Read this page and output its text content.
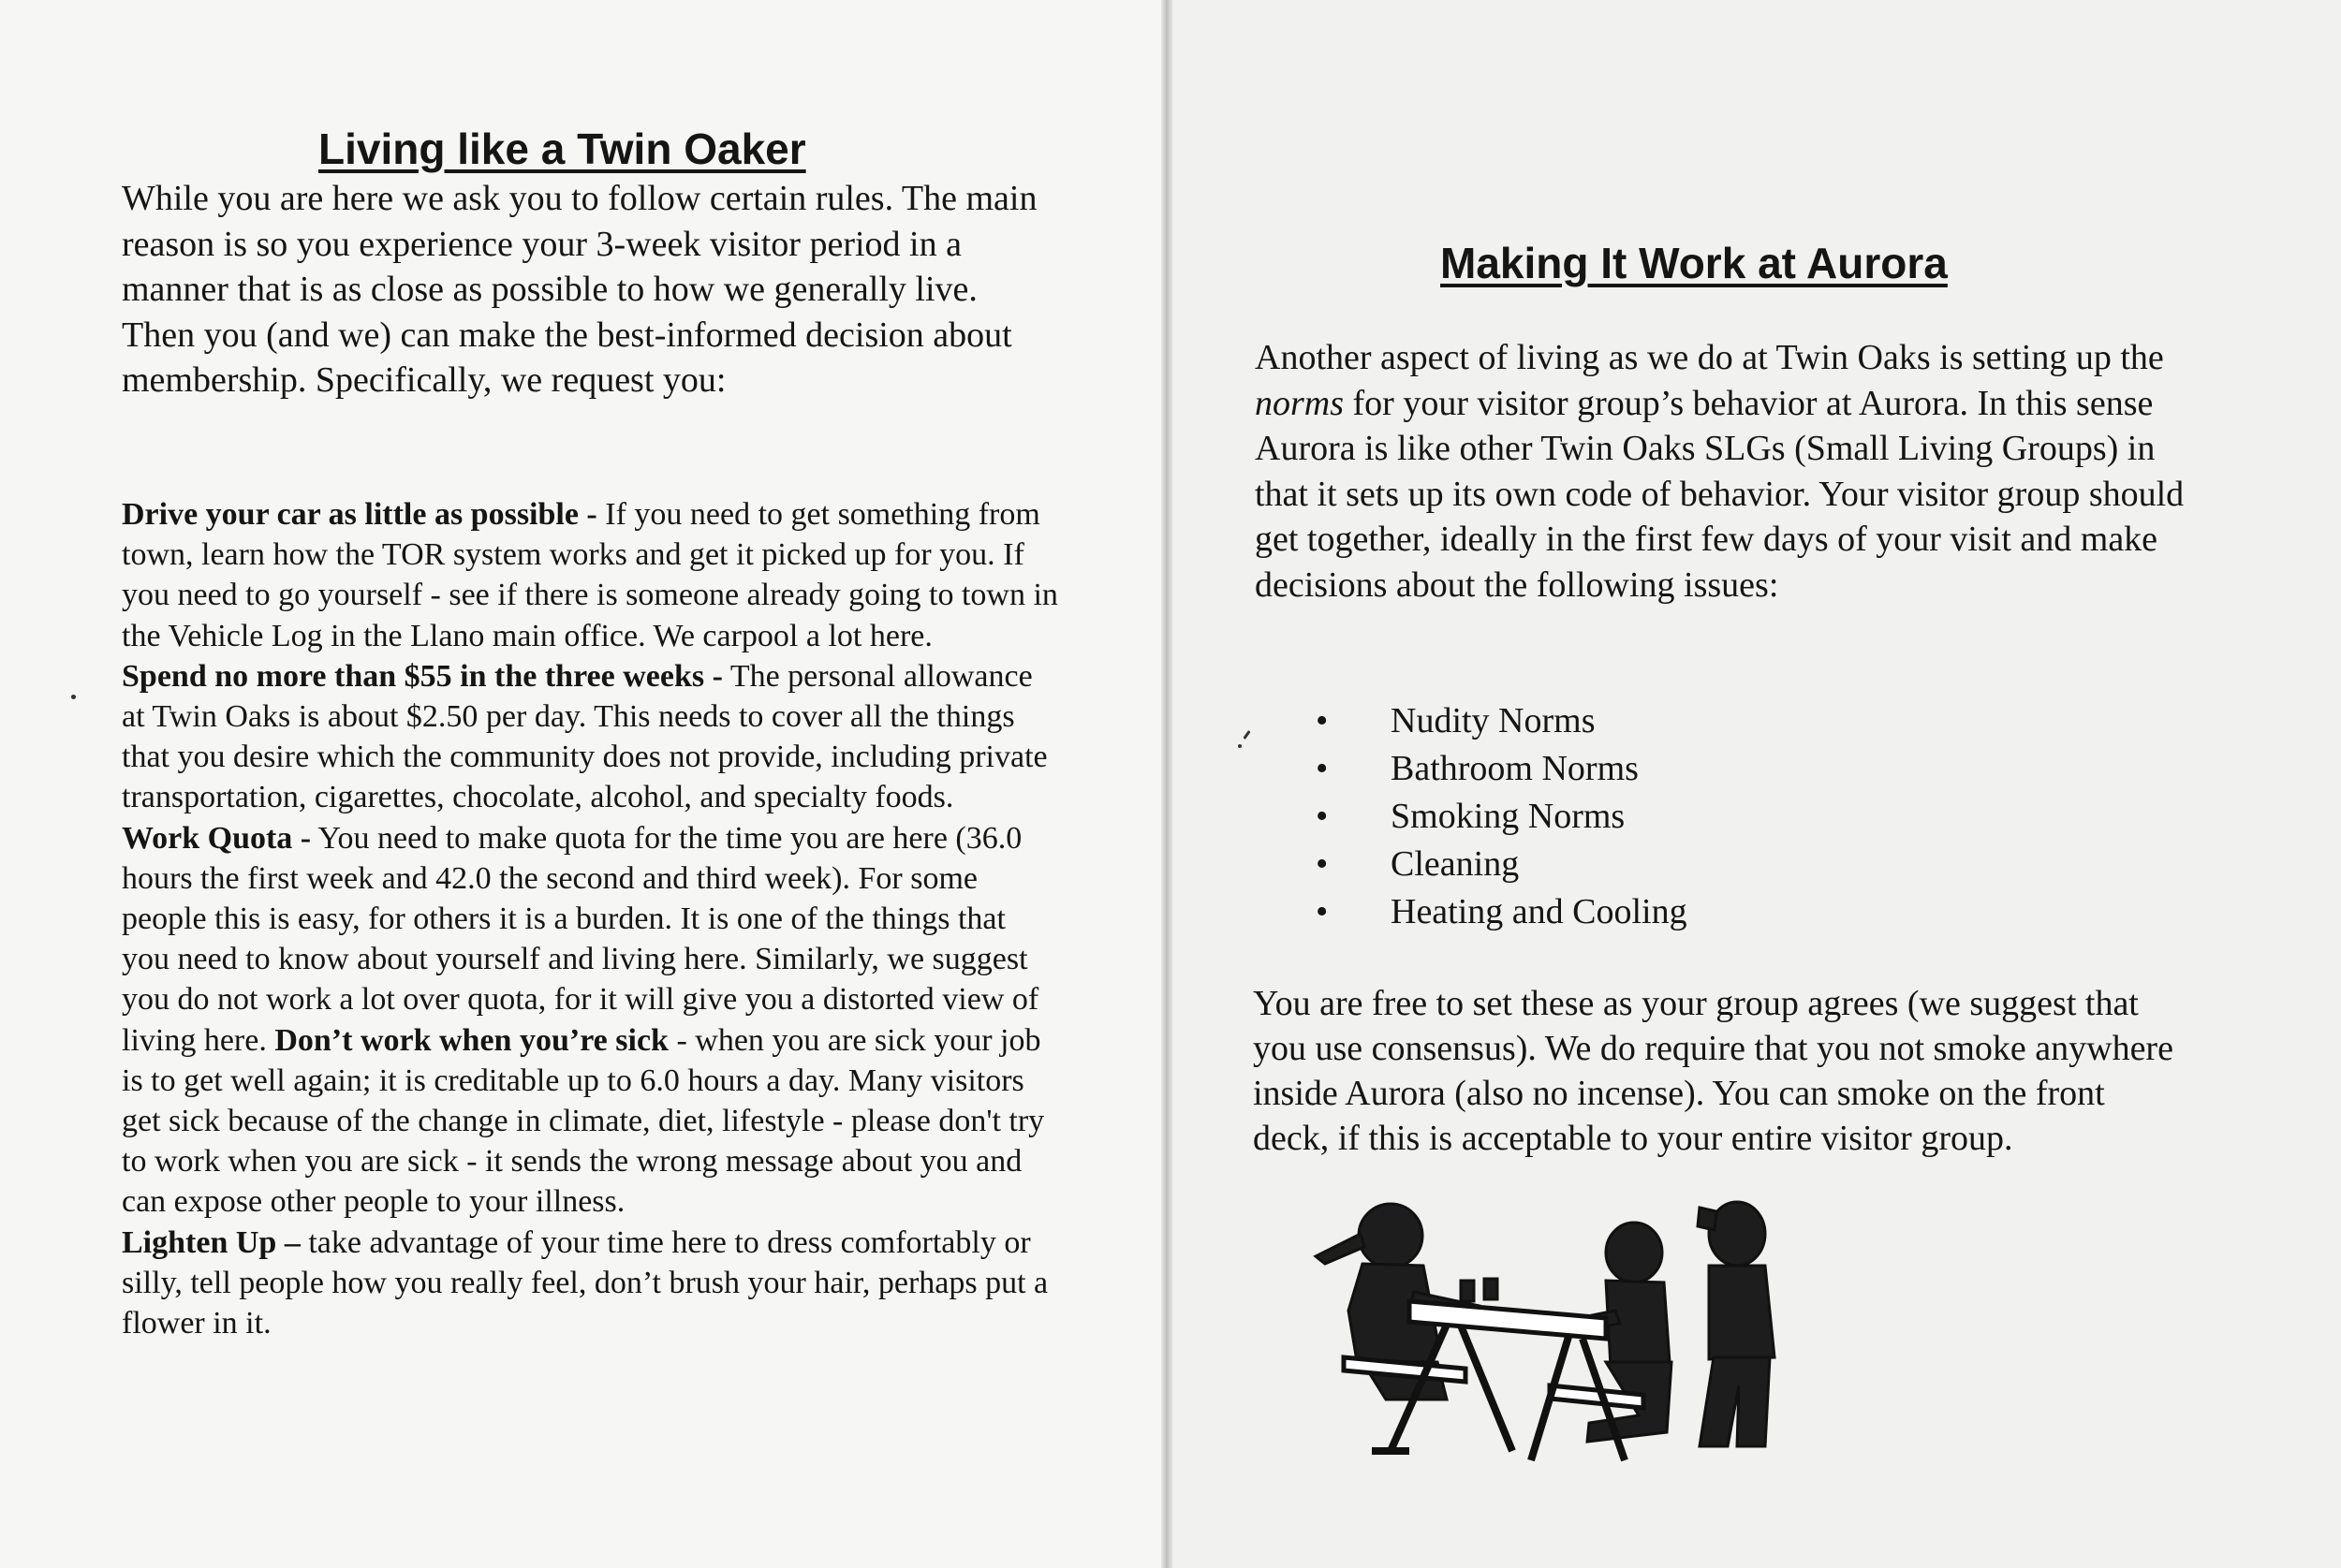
Living like a Twin Oaker

While you are here we ask you to follow certain rules. The main reason is so you experience your 3-week visitor period in a manner that is as close as possible to how we generally live. Then you (and we) can make the best-informed decision about membership. Specifically, we request you:

Drive your car as little as possible - If you need to get something from town, learn how the TOR system works and get it picked up for you. If you need to go yourself - see if there is someone already going to town in the Vehicle Log in the Llano main office. We carpool a lot here.

Spend no more than $55 in the three weeks - The personal allowance at Twin Oaks is about $2.50 per day. This needs to cover all the things that you desire which the community does not provide, including private transportation, cigarettes, chocolate, alcohol, and specialty foods.

Work Quota - You need to make quota for the time you are here (36.0 hours the first week and 42.0 the second and third week). For some people this is easy, for others it is a burden. It is one of the things that you need to know about yourself and living here. Similarly, we suggest you do not work a lot over quota, for it will give you a distorted view of living here. Don’t work when you’re sick - when you are sick your job is to get well again; it is creditable up to 6.0 hours a day. Many visitors get sick because of the change in climate, diet, lifestyle - please don't try to work when you are sick - it sends the wrong message about you and can expose other people to your illness.

Lighten Up – take advantage of your time here to dress comfortably or silly, tell people how you really feel, don’t brush your hair, perhaps put a flower in it.

Making It Work at Aurora

Another aspect of living as we do at Twin Oaks is setting up the norms for your visitor group’s behavior at Aurora. In this sense Aurora is like other Twin Oaks SLGs (Small Living Groups) in that it sets up its own code of behavior. Your visitor group should get together, ideally in the first few days of your visit and make decisions about the following issues:

• Nudity Norms
• Bathroom Norms
• Smoking Norms
• Cleaning
• Heating and Cooling

You are free to set these as your group agrees (we suggest that you use consensus). We do require that you not smoke anywhere inside Aurora (also no incense). You can smoke on the front deck, if this is acceptable to your entire visitor group.
